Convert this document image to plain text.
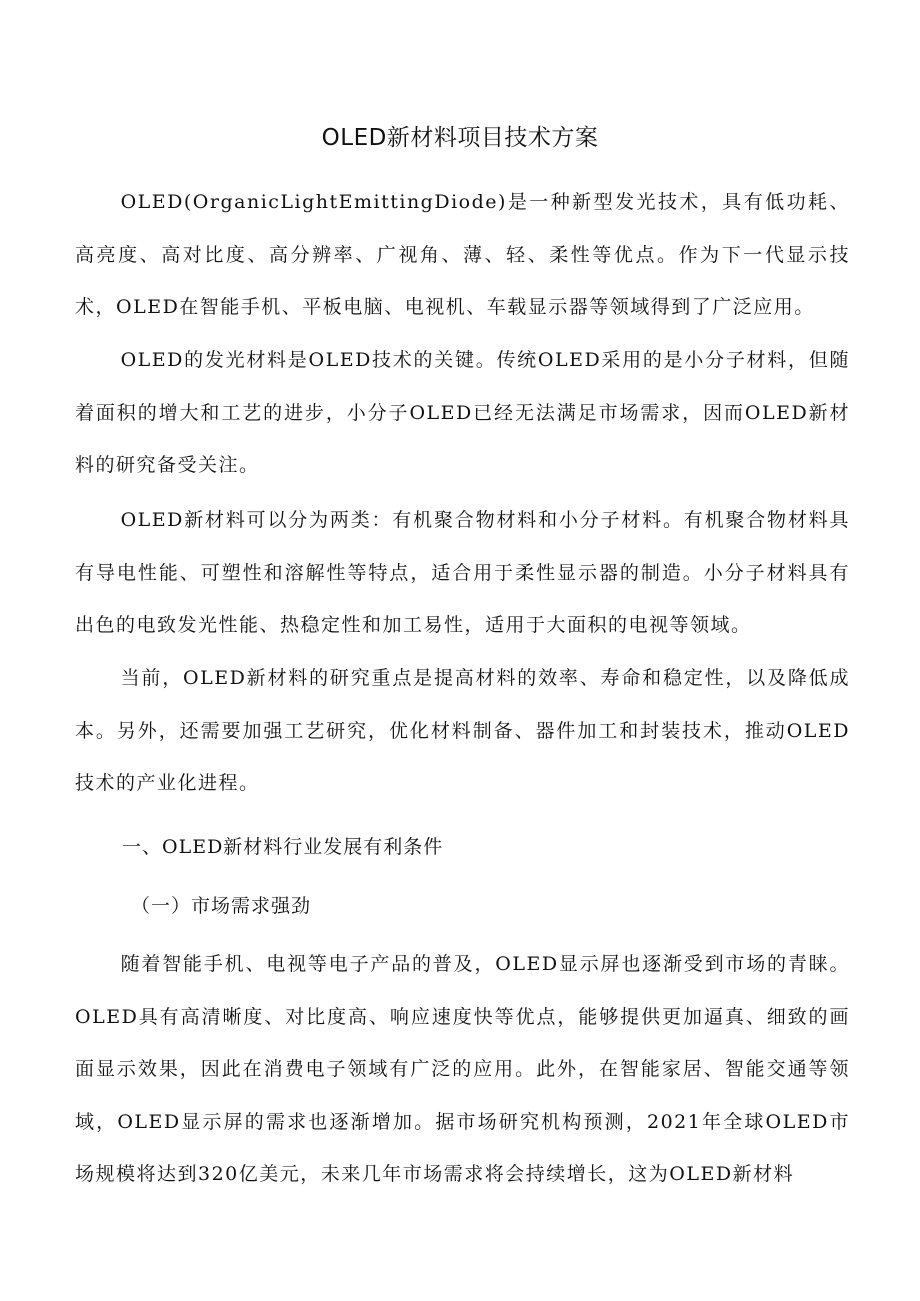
OLED新材料项目技术方案

OLED(OrganicLightEmittingDiode)是一种新型发光技术，具有低功耗、高亮度、高对比度、高分辨率、广视角、薄、轻、柔性等优点。作为下一代显示技术，OLED在智能手机、平板电脑、电视机、车载显示器等领域得到了广泛应用。

OLED的发光材料是OLED技术的关键。传统OLED采用的是小分子材料，但随着面积的增大和工艺的进步，小分子OLED已经无法满足市场需求，因而OLED新材料的研究备受关注。

OLED新材料可以分为两类：有机聚合物材料和小分子材料。有机聚合物材料具有导电性能、可塑性和溶解性等特点，适合用于柔性显示器的制造。小分子材料具有出色的电致发光性能、热稳定性和加工易性，适用于大面积的电视等领域。

当前，OLED新材料的研究重点是提高材料的效率、寿命和稳定性，以及降低成本。另外，还需要加强工艺研究，优化材料制备、器件加工和封装技术，推动OLED技术的产业化进程。

一、OLED新材料行业发展有利条件
（一）市场需求强劲

随着智能手机、电视等电子产品的普及，OLED显示屏也逐渐受到市场的青睐。OLED具有高清晰度、对比度高、响应速度快等优点，能够提供更加逼真、细致的画面显示效果，因此在消费电子领域有广泛的应用。此外，在智能家居、智能交通等领域，OLED显示屏的需求也逐渐增加。据市场研究机构预测，2021年全球OLED市场规模将达到320亿美元，未来几年市场需求将会持续增长，这为OLED新材料
